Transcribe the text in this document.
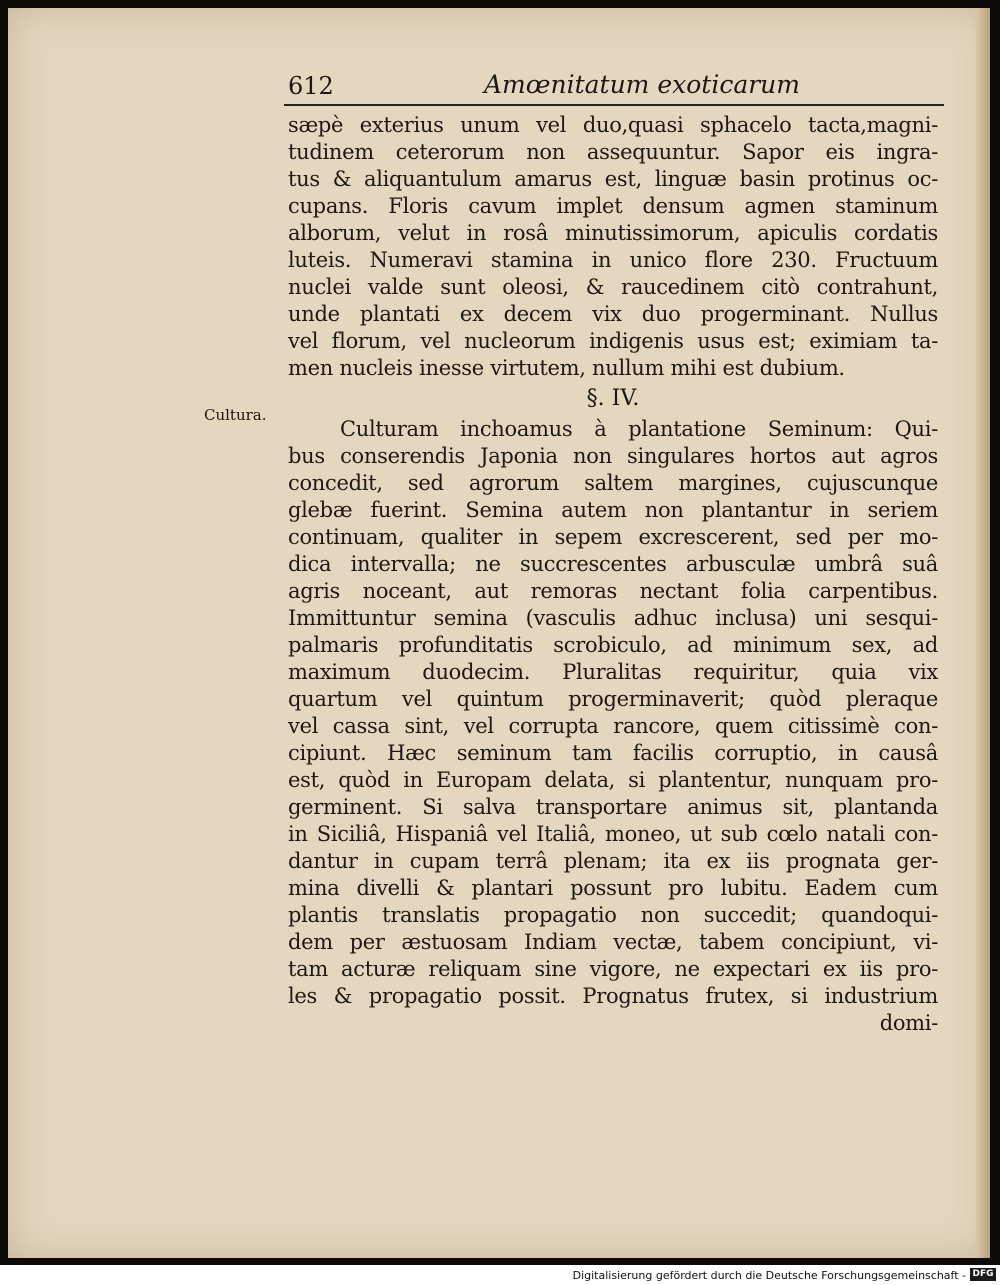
612	Amœnitatum exoticarum
Cultura.
sæpè exterius unum vel duo,quasi sphacelo tacta,magni-
tudinem ceterorum non assequuntur. Sapor eis ingra-
tus & aliquantulum amarus est, linguæ basin protinus oc-
cupans. Floris cavum implet densum agmen staminum
alborum, velut in rosâ minutissimorum, apiculis cordatis
luteis. Numeravi stamina in unico flore 230. Fructuum
nuclei valde sunt oleosi, & raucedinem citò contrahunt,
unde plantati ex decem vix duo progerminant. Nullus
vel florum, vel nucleorum indigenis usus est; eximiam ta-
men nucleis inesse virtutem, nullum mihi est dubium.
§. IV.
Culturam inchoamus à plantatione Seminum: Qui-
bus conserendis Japonia non singulares hortos aut agros
concedit, sed agrorum saltem margines, cujuscunque
glebæ fuerint. Semina autem non plantantur in seriem
continuam, qualiter in sepem excrescerent, sed per mo-
dica intervalla; ne succrescentes arbusculæ umbrâ suâ
agris noceant, aut remoras nectant folia carpentibus.
Immittuntur semina (vasculis adhuc inclusa) uni sesqui-
palmaris profunditatis scrobiculo, ad minimum sex, ad
maximum duodecim. Pluralitas requiritur, quia vix
quartum vel quintum progerminaverit; quòd pleraque
vel cassa sint, vel corrupta rancore, quem citissimè con-
cipiunt. Hæc seminum tam facilis corruptio, in causâ
est, quòd in Europam delata, si plantentur, nunquam pro-
germinent. Si salva transportare animus sit, plantanda
in Siciliâ, Hispaniâ vel Italiâ, moneo, ut sub cœlo natali con-
dantur in cupam terrâ plenam; ita ex iis prognata ger-
mina divelli & plantari possunt pro lubitu. Eadem cum
plantis translatis propagatio non succedit; quandoqui-
dem per æstuosam Indiam vectæ, tabem concipiunt, vi-
tam acturæ reliquam sine vigore, ne expectari ex iis pro-
les & propagatio possit. Prognatus frutex, si industrium
domi-
Digitalisierung gefördert durch die Deutsche Forschungsgemeinschaft - DFG
